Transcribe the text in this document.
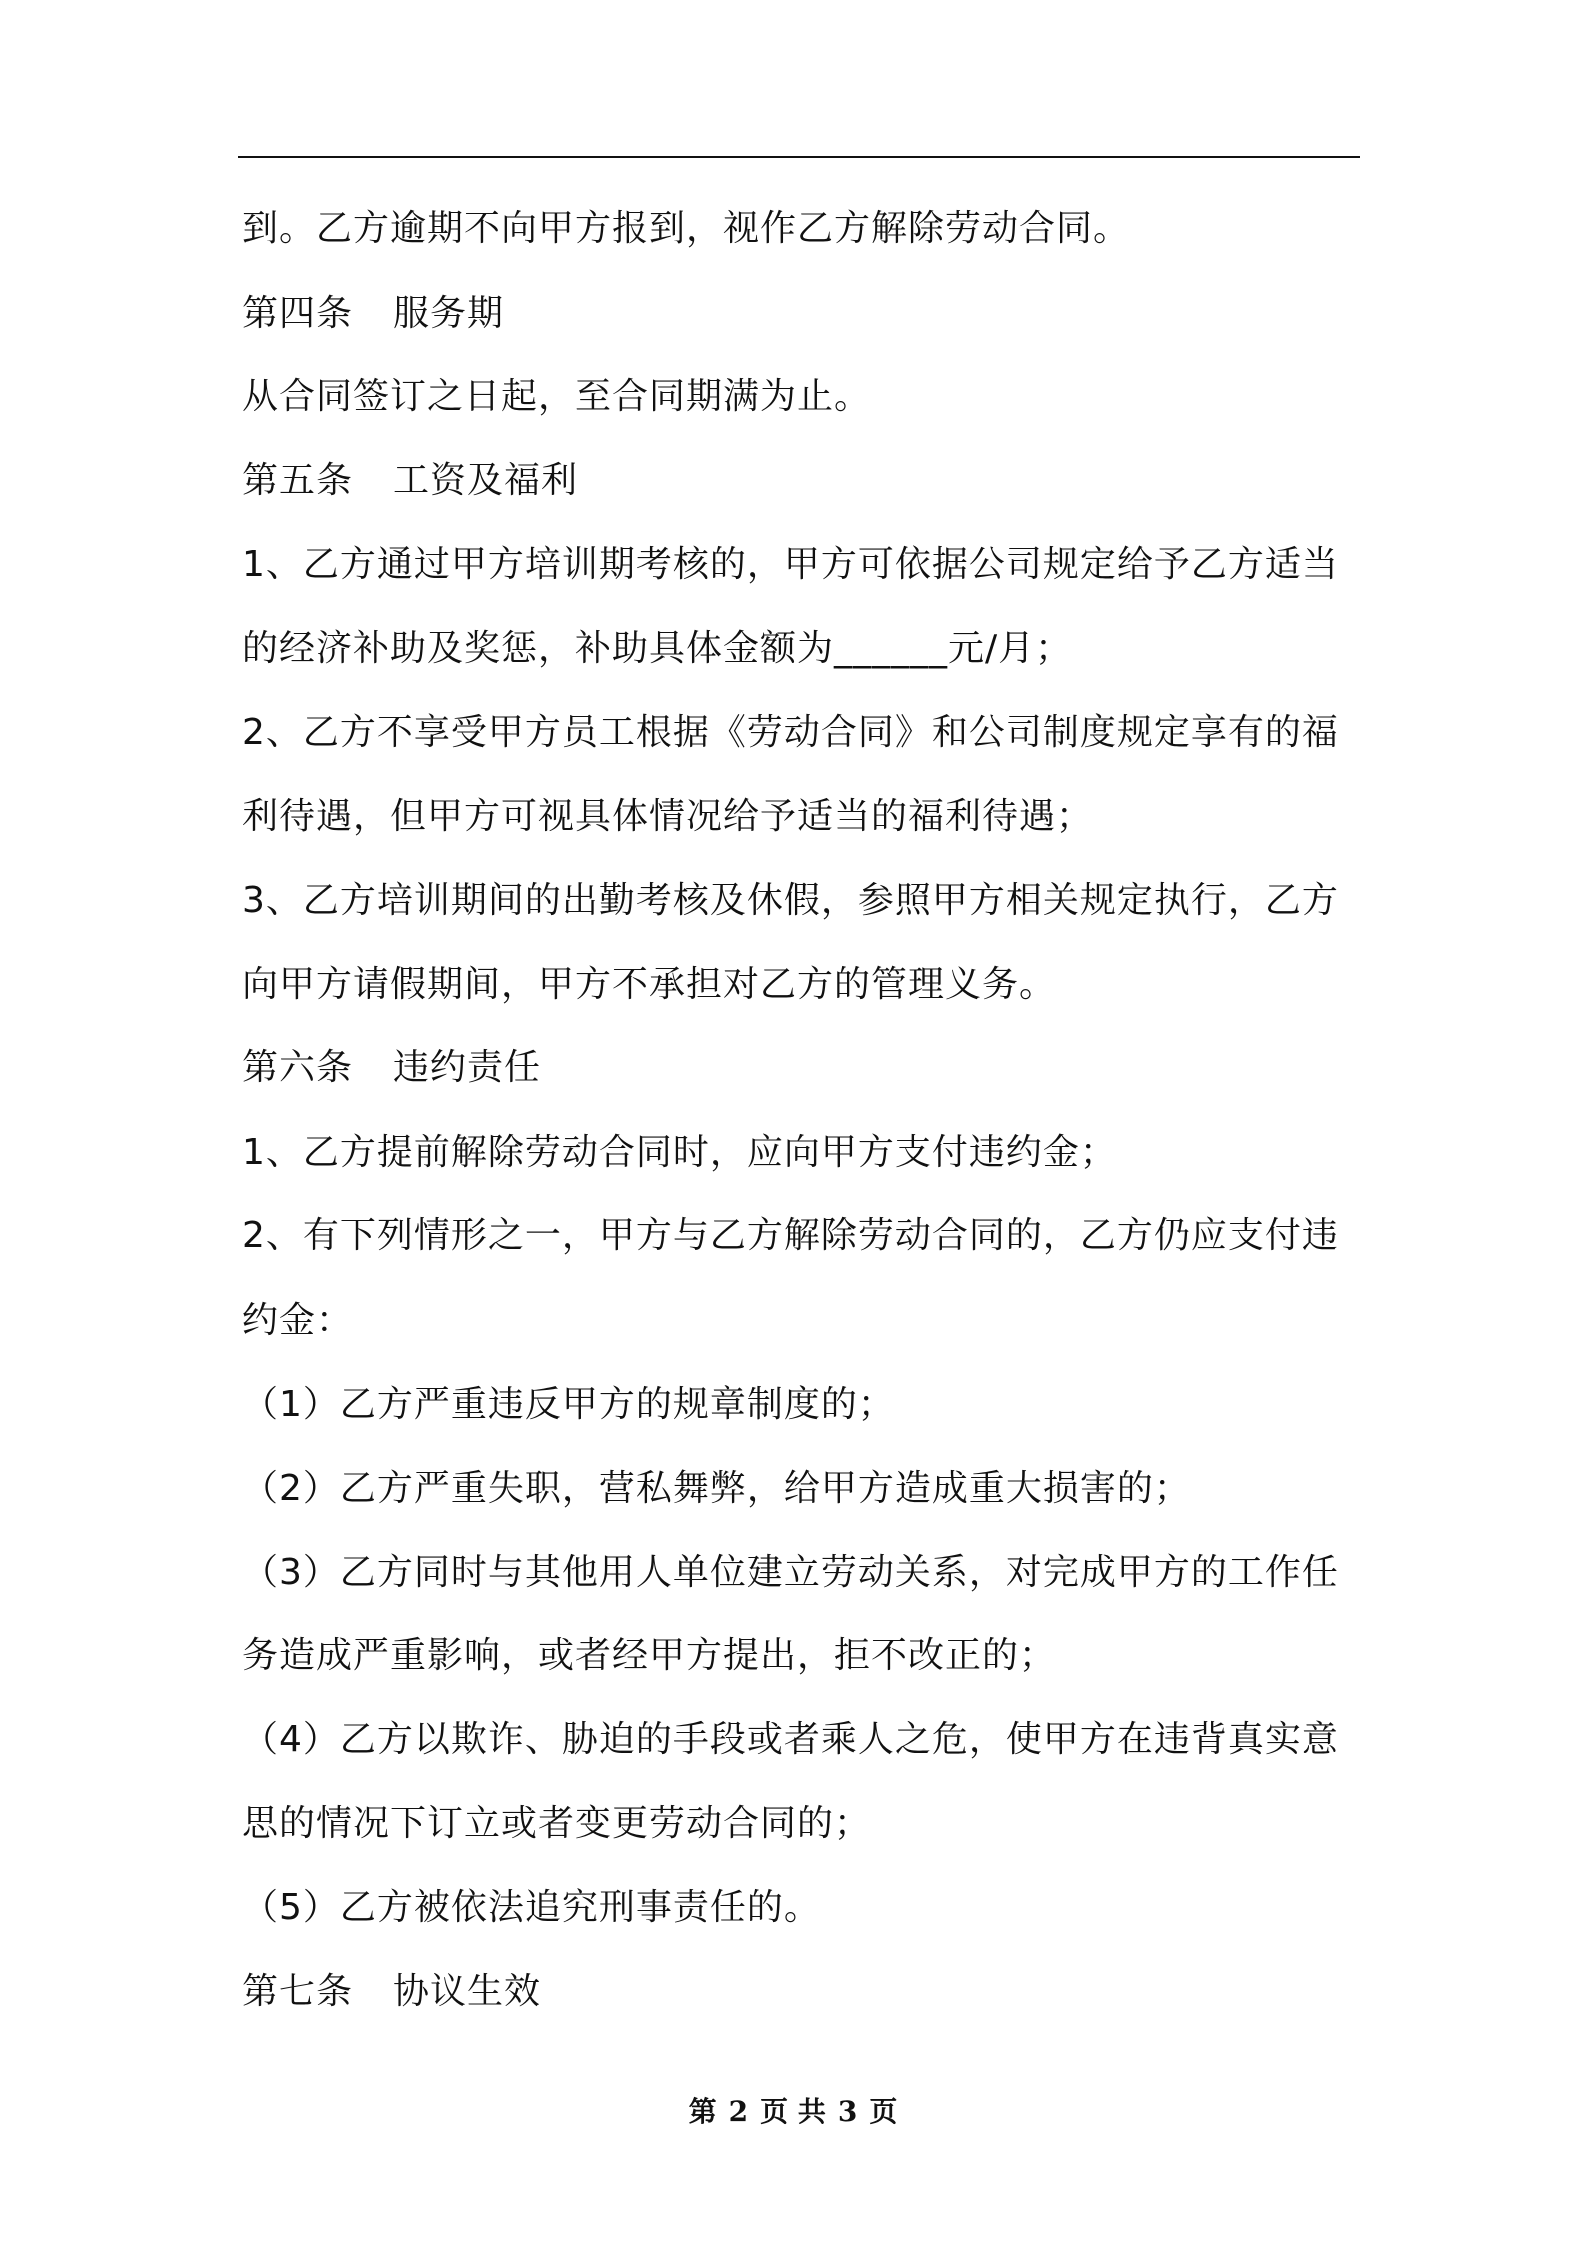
到。乙方逾期不向甲方报到，视作乙方解除劳动合同。
第四条 服务期
从合同签订之日起，至合同期满为止。
第五条 工资及福利
1、乙方通过甲方培训期考核的，甲方可依据公司规定给予乙方适当
的经济补助及奖惩，补助具体金额为______元/月；
2、乙方不享受甲方员工根据《劳动合同》和公司制度规定享有的福
利待遇，但甲方可视具体情况给予适当的福利待遇；
3、乙方培训期间的出勤考核及休假，参照甲方相关规定执行，乙方
向甲方请假期间，甲方不承担对乙方的管理义务。
第六条 违约责任
1、乙方提前解除劳动合同时，应向甲方支付违约金；
2、有下列情形之一，甲方与乙方解除劳动合同的，乙方仍应支付违
约金：
（1）乙方严重违反甲方的规章制度的；
（2）乙方严重失职，营私舞弊，给甲方造成重大损害的；
（3）乙方同时与其他用人单位建立劳动关系，对完成甲方的工作任
务造成严重影响，或者经甲方提出，拒不改正的；
（4）乙方以欺诈、胁迫的手段或者乘人之危，使甲方在违背真实意
思的情况下订立或者变更劳动合同的；
（5）乙方被依法追究刑事责任的。
第七条 协议生效
第 2 页 共 3 页
